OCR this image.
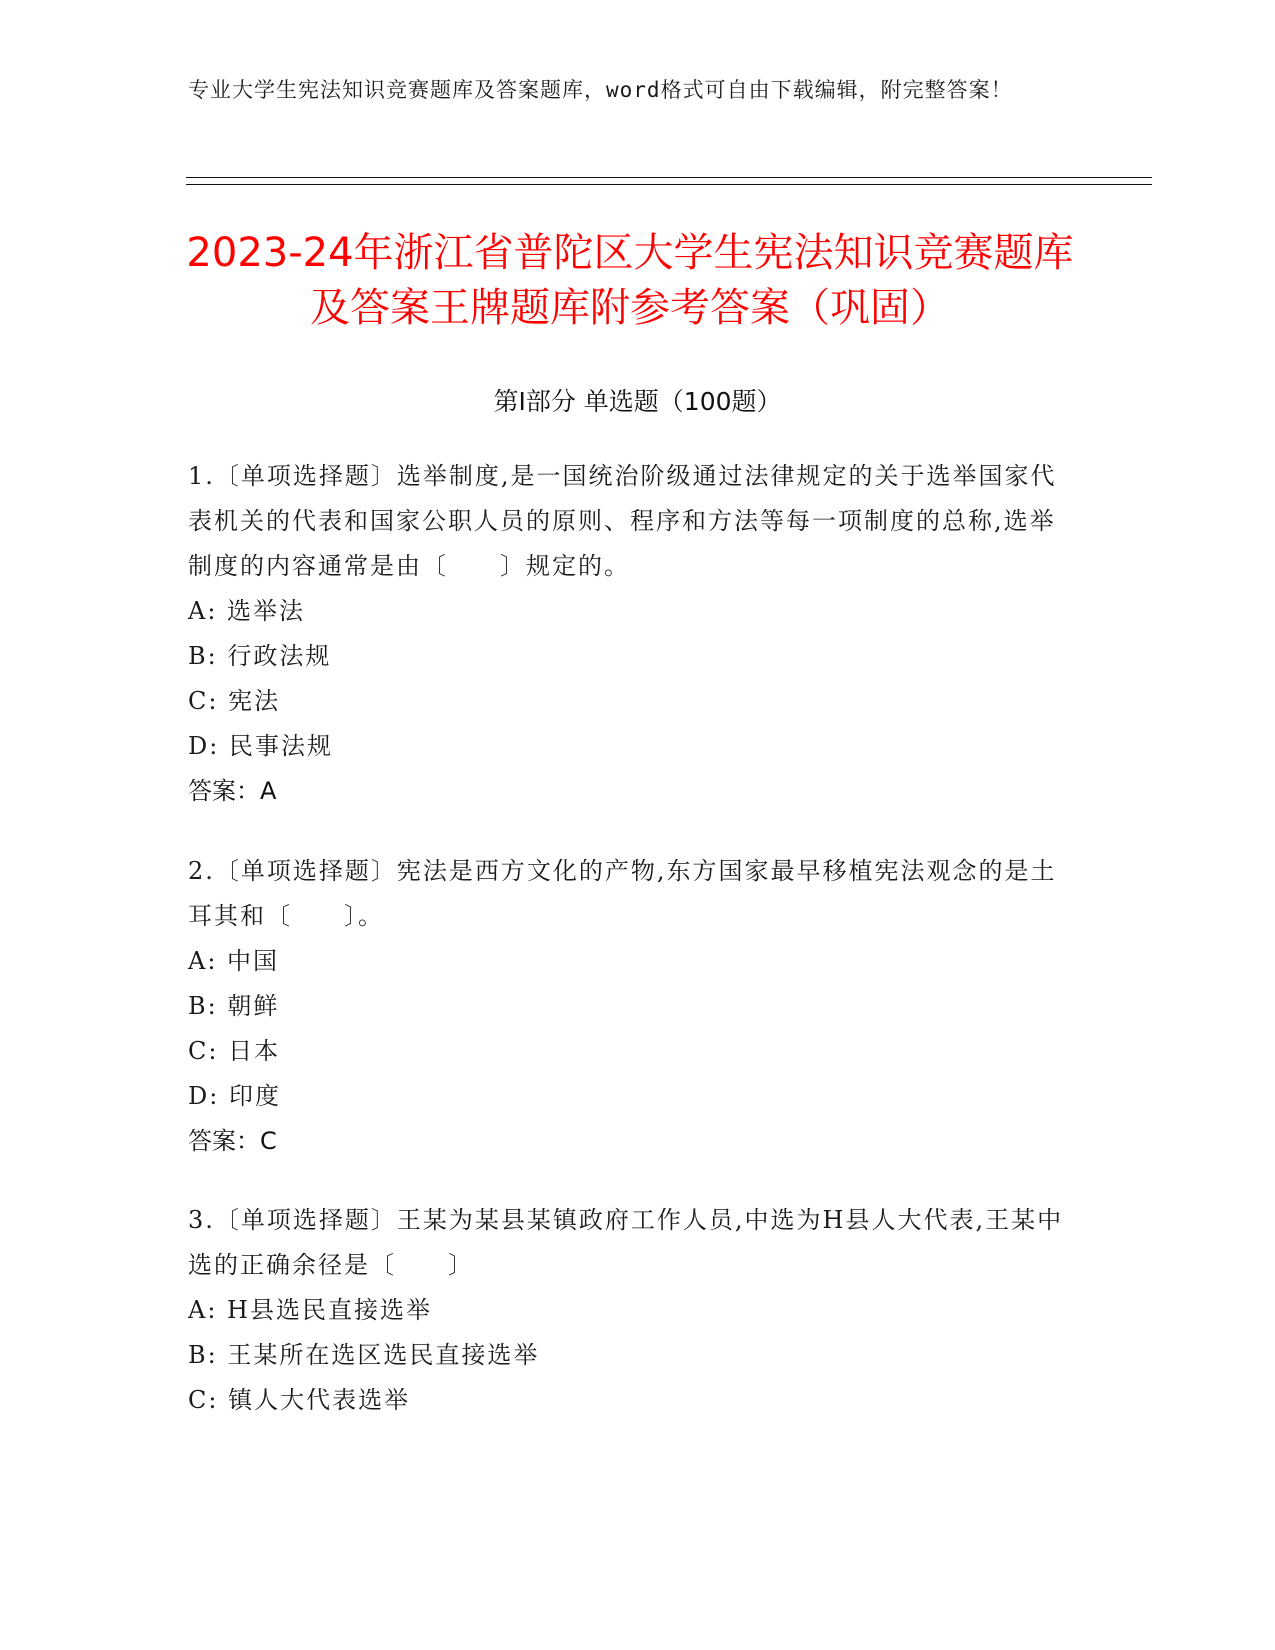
专业大学生宪法知识竞赛题库及答案题库，word格式可自由下载编辑，附完整答案！
2023-24年浙江省普陀区大学生宪法知识竞赛题库及答案王牌题库附参考答案（巩固）
第I部分 单选题（100题）
1.〔单项选择题〕选举制度,是一国统治阶级通过法律规定的关于选举国家代表机关的代表和国家公职人员的原则、程序和方法等每一项制度的总称,选举制度的内容通常是由〔　　〕规定的。
A: 选举法
B: 行政法规
C: 宪法
D: 民事法规
答案：A
2.〔单项选择题〕宪法是西方文化的产物,东方国家最早移植宪法观念的是土耳其和〔　　〕。
A: 中国
B: 朝鲜
C: 日本
D: 印度
答案：C
3.〔单项选择题〕王某为某县某镇政府工作人员,中选为H县人大代表,王某中选的正确余径是〔　　〕
A: H县选民直接选举
B: 王某所在选区选民直接选举
C: 镇人大代表选举
